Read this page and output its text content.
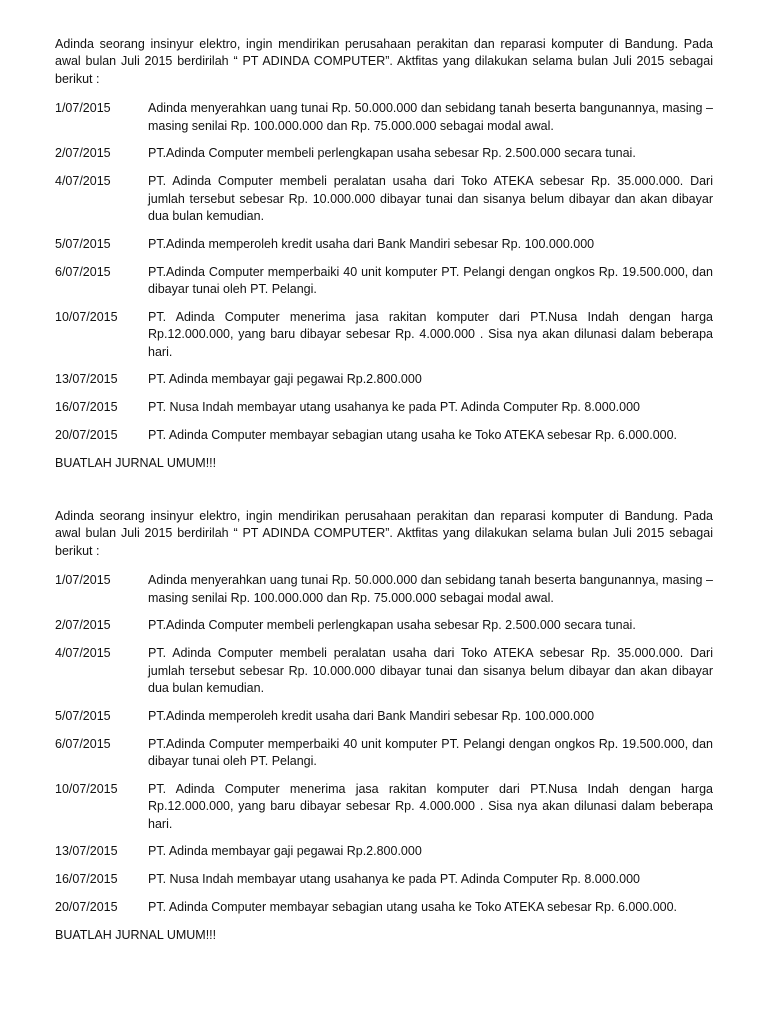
Adinda seorang insinyur elektro, ingin mendirikan perusahaan perakitan dan reparasi komputer di Bandung. Pada awal bulan Juli 2015 berdirilah “ PT ADINDA COMPUTER”. Aktfitas yang dilakukan selama bulan Juli 2015 sebagai berikut :

1/07/2015	Adinda menyerahkan uang tunai Rp. 50.000.000 dan sebidang tanah beserta bangunannya, masing – masing senilai Rp. 100.000.000 dan Rp. 75.000.000 sebagai modal awal.
2/07/2015	PT.Adinda Computer membeli perlengkapan usaha sebesar Rp. 2.500.000 secara tunai.
4/07/2015	PT. Adinda Computer membeli peralatan usaha dari Toko ATEKA sebesar Rp. 35.000.000. Dari jumlah tersebut sebesar Rp. 10.000.000 dibayar tunai dan sisanya belum dibayar dan akan dibayar dua bulan kemudian.
5/07/2015	PT.Adinda memperoleh kredit usaha dari Bank Mandiri sebesar Rp. 100.000.000
6/07/2015	PT.Adinda Computer memperbaiki 40 unit komputer PT. Pelangi dengan ongkos Rp. 19.500.000, dan dibayar tunai oleh PT. Pelangi.
10/07/2015	PT. Adinda Computer menerima jasa rakitan komputer dari PT.Nusa Indah dengan harga Rp.12.000.000, yang baru dibayar sebesar Rp. 4.000.000 . Sisa nya akan dilunasi dalam beberapa hari.
13/07/2015	PT. Adinda membayar gaji pegawai Rp.2.800.000
16/07/2015	PT. Nusa Indah membayar utang usahanya ke pada PT. Adinda Computer Rp. 8.000.000
20/07/2015	PT. Adinda Computer membayar sebagian utang usaha ke Toko ATEKA sebesar Rp. 6.000.000.

BUATLAH JURNAL UMUM!!!

Adinda seorang insinyur elektro, ingin mendirikan perusahaan perakitan dan reparasi komputer di Bandung. Pada awal bulan Juli 2015 berdirilah “ PT ADINDA COMPUTER”. Aktfitas yang dilakukan selama bulan Juli 2015 sebagai berikut :

1/07/2015	Adinda menyerahkan uang tunai Rp. 50.000.000 dan sebidang tanah beserta bangunannya, masing – masing senilai Rp. 100.000.000 dan Rp. 75.000.000 sebagai modal awal.
2/07/2015	PT.Adinda Computer membeli perlengkapan usaha sebesar Rp. 2.500.000 secara tunai.
4/07/2015	PT. Adinda Computer membeli peralatan usaha dari Toko ATEKA sebesar Rp. 35.000.000. Dari jumlah tersebut sebesar Rp. 10.000.000 dibayar tunai dan sisanya belum dibayar dan akan dibayar dua bulan kemudian.
5/07/2015	PT.Adinda memperoleh kredit usaha dari Bank Mandiri sebesar Rp. 100.000.000
6/07/2015	PT.Adinda Computer memperbaiki 40 unit komputer PT. Pelangi dengan ongkos Rp. 19.500.000, dan dibayar tunai oleh PT. Pelangi.
10/07/2015	PT. Adinda Computer menerima jasa rakitan komputer dari PT.Nusa Indah dengan harga Rp.12.000.000, yang baru dibayar sebesar Rp. 4.000.000 . Sisa nya akan dilunasi dalam beberapa hari.
13/07/2015	PT. Adinda membayar gaji pegawai Rp.2.800.000
16/07/2015	PT. Nusa Indah membayar utang usahanya ke pada PT. Adinda Computer Rp. 8.000.000
20/07/2015	PT. Adinda Computer membayar sebagian utang usaha ke Toko ATEKA sebesar Rp. 6.000.000.

BUATLAH JURNAL UMUM!!!
